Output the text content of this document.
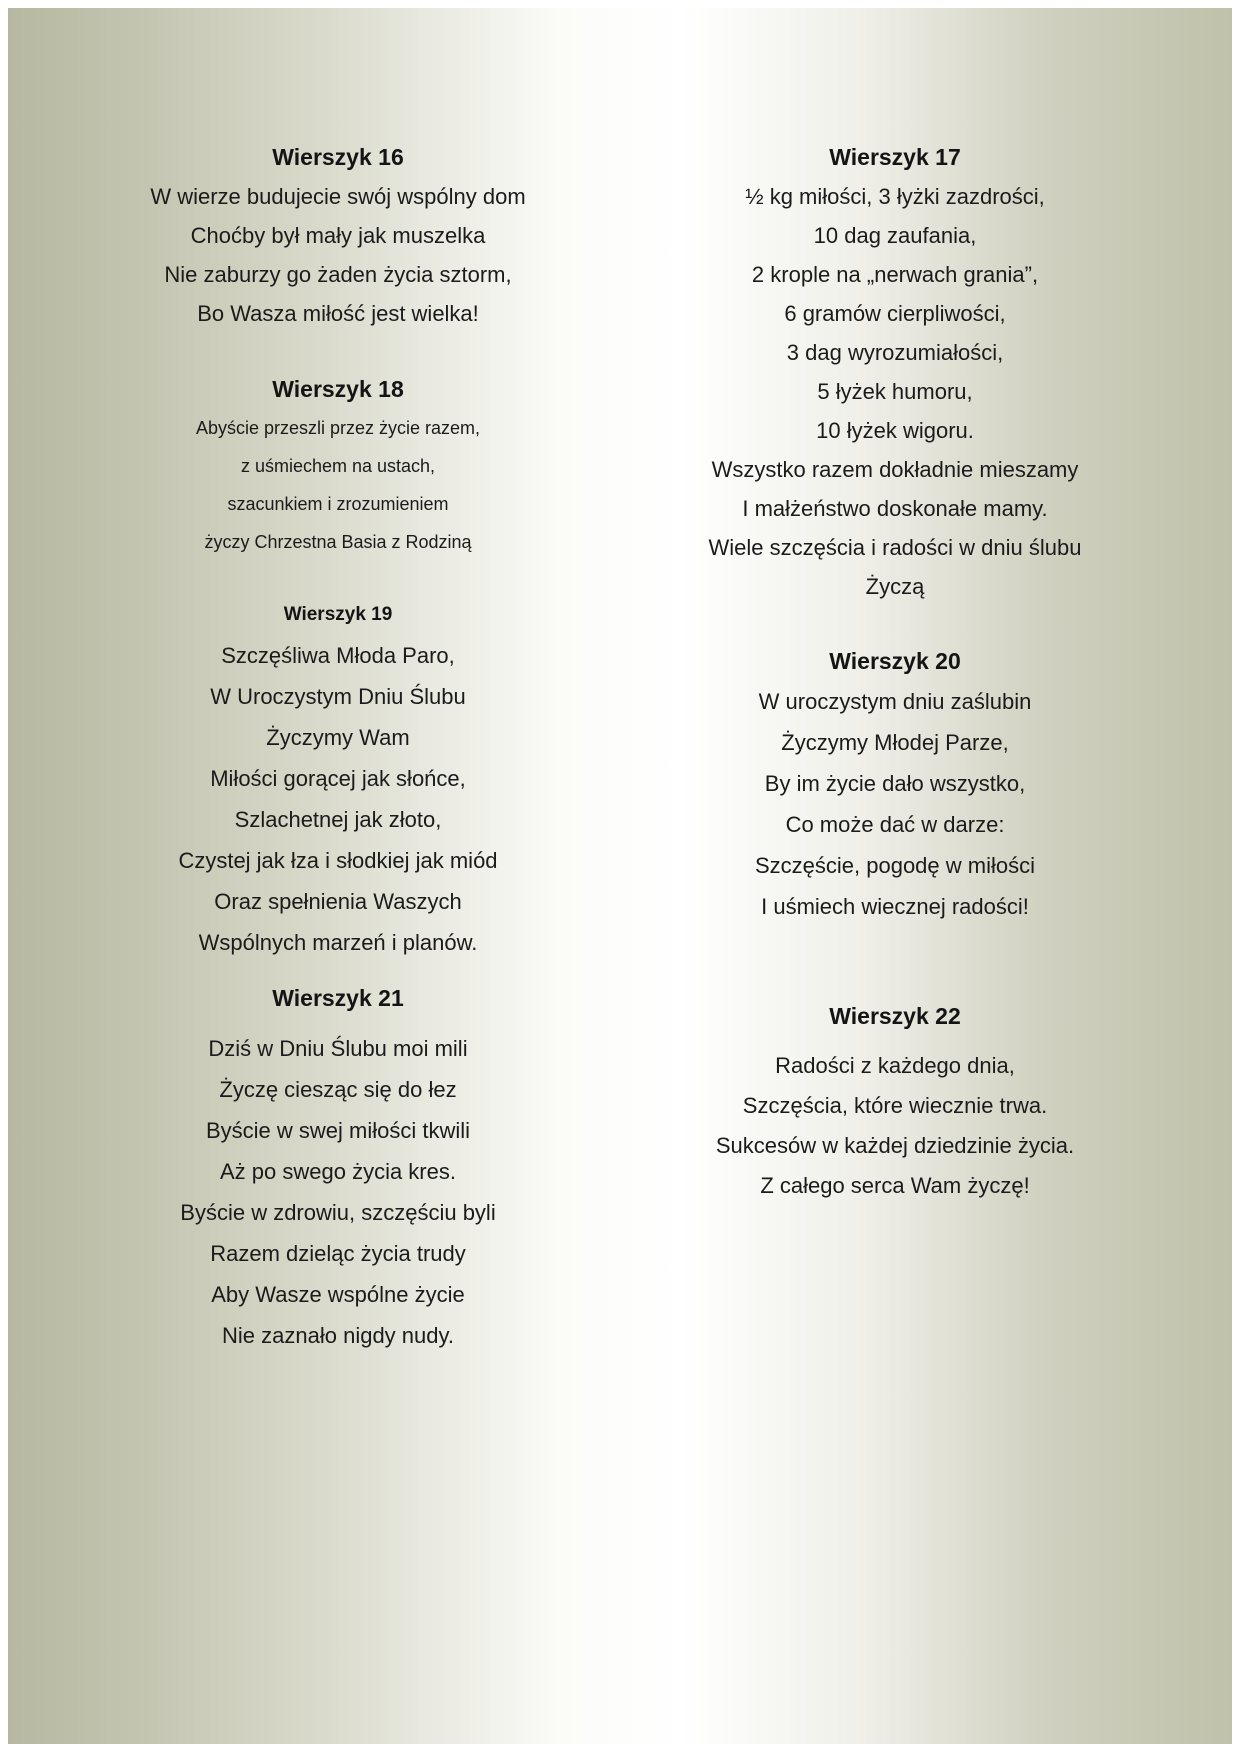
Wierszyk 16

W wierze budujecie swój wspólny dom

Choćby był mały jak muszelka

Nie zaburzy go żaden życia sztorm,

Bo Wasza miłość jest wielka!

Wierszyk 18

Abyście przeszli przez życie razem,

z uśmiechem na ustach,

szacunkiem i zrozumieniem

życzy Chrzestna Basia z Rodziną

Wierszyk 19

Szczęśliwa Młoda Paro,

W Uroczystym Dniu Ślubu

Życzymy Wam

Miłości gorącej jak słońce,

Szlachetnej jak złoto,

Czystej jak łza i słodkiej jak miód

Oraz spełnienia Waszych

Wspólnych marzeń i planów.

Wierszyk 21

Dziś w Dniu Ślubu moi mili

Życzę ciesząc się do łez

Byście w swej miłości tkwili

Aż po swego życia kres.

Byście w zdrowiu, szczęściu byli

Razem dzieląc życia trudy

Aby Wasze wspólne życie

Nie zaznało nigdy nudy.

Wierszyk 17

½ kg miłości, 3 łyżki zazdrości,

10 dag zaufania,

2 krople na „nerwach grania”,

6 gramów cierpliwości,

3 dag wyrozumiałości,

5 łyżek humoru,

10 łyżek wigoru.

Wszystko razem dokładnie mieszamy

I małżeństwo doskonałe mamy.

Wiele szczęścia i radości w dniu ślubu

Życzą

Wierszyk 20

W uroczystym dniu zaślubin

Życzymy Młodej Parze,

By im życie dało wszystko,

Co może dać w darze:

Szczęście, pogodę w miłości

I uśmiech wiecznej radości!

Wierszyk 22

Radości z każdego dnia,

Szczęścia, które wiecznie trwa.

Sukcesów w każdej dziedzinie życia.

Z całego serca Wam życzę!
